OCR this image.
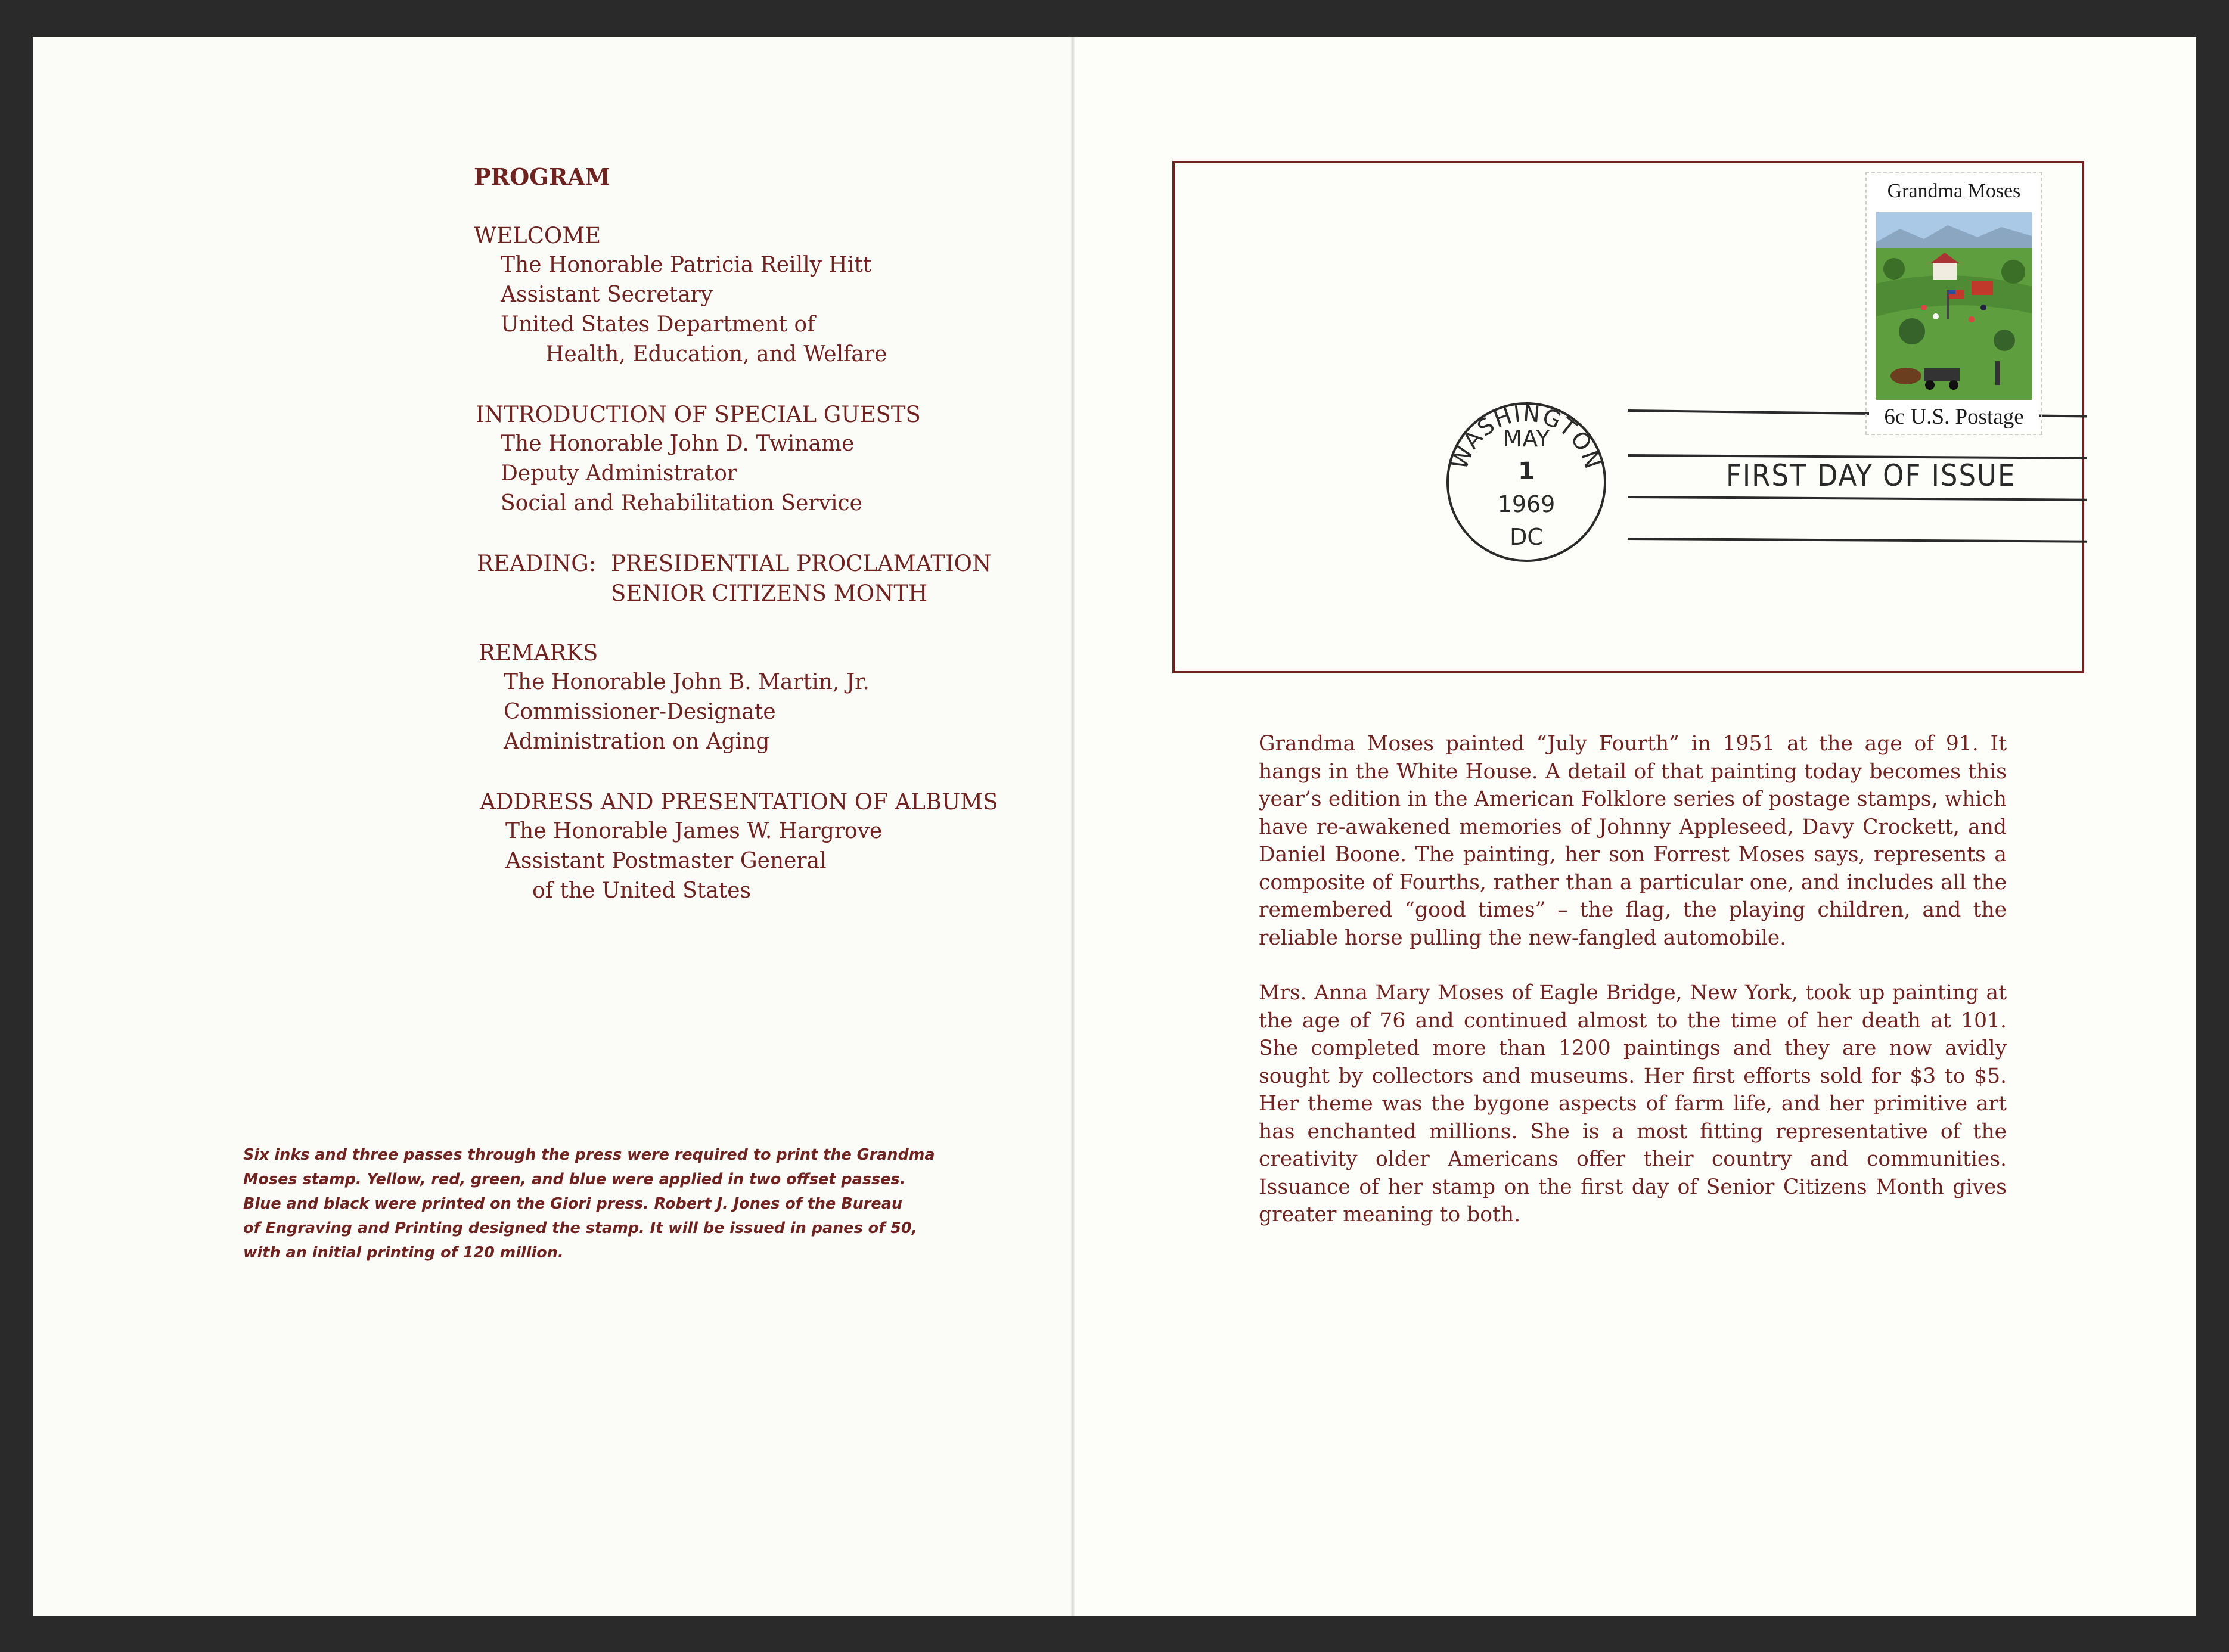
PROGRAM
WELCOME
The Honorable Patricia Reilly Hitt
Assistant Secretary
United States Department of
Health, Education, and Welfare
INTRODUCTION OF SPECIAL GUESTS
The Honorable John D. Twiname
Deputy Administrator
Social and Rehabilitation Service
READING: PRESIDENTIAL PROCLAMATION
SENIOR CITIZENS MONTH
REMARKS
The Honorable John B. Martin, Jr.
Commissioner-Designate
Administration on Aging
ADDRESS AND PRESENTATION OF ALBUMS
The Honorable James W. Hargrove
Assistant Postmaster General
of the United States
Six inks and three passes through the press were required to print the Grandma
Moses stamp. Yellow, red, green, and blue were applied in two offset passes.
Blue and black were printed on the Giori press. Robert J. Jones of the Bureau
of Engraving and Printing designed the stamp. It will be issued in panes of 50,
with an initial printing of 120 million.
WASHINGTON
MAY
1
1969
DC
Grandma Moses
6c U.S. Postage
FIRST DAY OF ISSUE

Grandma Moses painted “July Fourth” in 1951 at the age of 91. It hangs in the White House. A detail of that painting today becomes this year’s edition in the American Folklore series of postage stamps, which have re-awakened memories of Johnny Appleseed, Davy Crockett, and Daniel Boone. The painting, her son Forrest Moses says, represents a composite of Fourths, rather than a particular one, and includes all the remembered “good times” – the flag, the playing children, and the reliable horse pulling the new-fangled automobile.

Mrs. Anna Mary Moses of Eagle Bridge, New York, took up painting at the age of 76 and continued almost to the time of her death at 101. She completed more than 1200 paintings and they are now avidly sought by collectors and museums. Her first efforts sold for $3 to $5. Her theme was the bygone aspects of farm life, and her primitive art has enchanted millions. She is a most fitting representative of the creativity older Americans offer their country and communities. Issuance of her stamp on the first day of Senior Citizens Month gives greater meaning to both.
